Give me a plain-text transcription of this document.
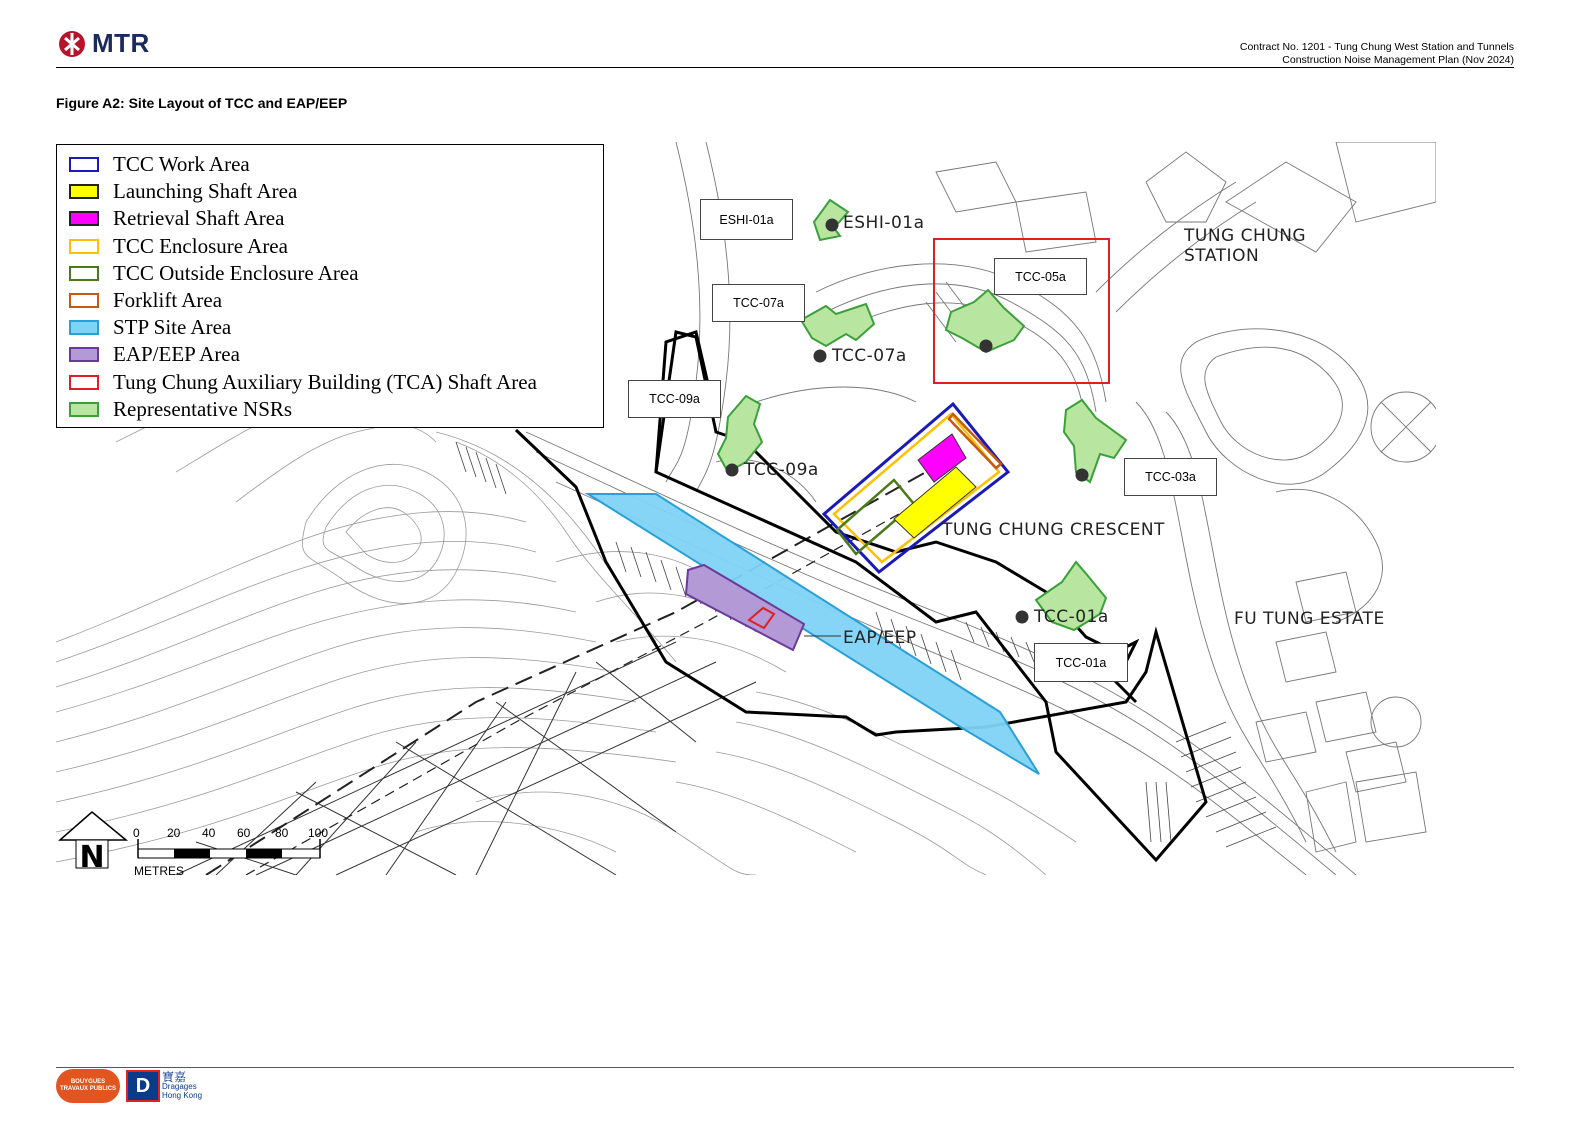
MTR	Contract No. 1201 - Tung Chung West Station and Tunnels
Construction Noise Management Plan (Nov 2024)
Figure A2: Site Layout of TCC and EAP/EEP
N
ESHI-01a
TCC-07a
TCC-09a
TCC-01a
TUNG CHUNG
STATION
TUNG CHUNG CRESCENT
FU TUNG ESTATE
EAP/EEP
ESHI-01a
TCC-07a
TCC-05a
TCC-09a
TCC-03a
TCC-01a
0 20 40 60 80 100
METRES
TCC Work Area
Launching Shaft Area
Retrieval Shaft Area
TCC Enclosure Area
TCC Outside Enclosure Area
Forklift Area
STP Site Area
EAP/EEP Area
Tung Chung Auxiliary Building (TCA) Shaft Area
Representative NSRs
BOUYGUES TRAVAUX PUBLICS D 寶嘉
Dragages
Hong Kong
